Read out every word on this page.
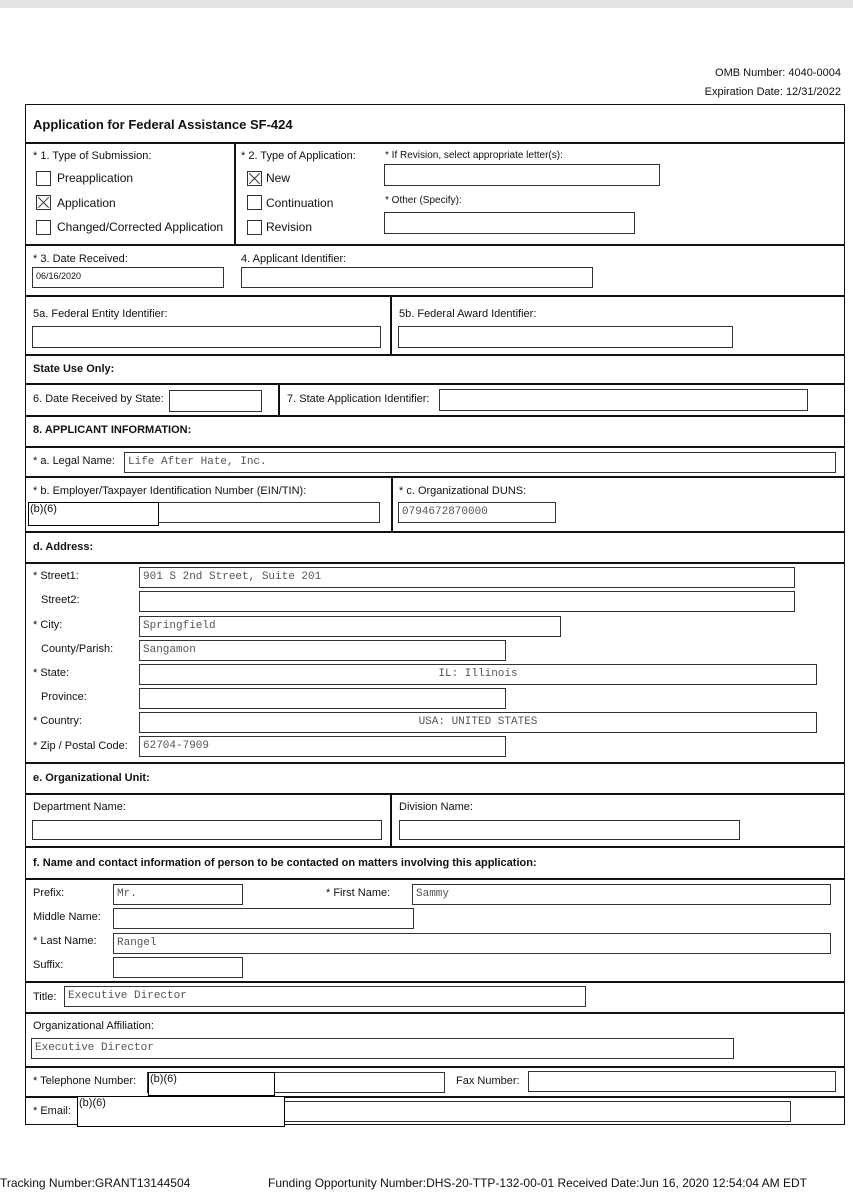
OMB Number: 4040-0004
Expiration Date: 12/31/2022
Application for Federal Assistance SF-424
* 1. Type of Submission:
Preapplication
Application
Changed/Corrected Application
* 2. Type of Application:
New
Continuation
Revision
* If Revision, select appropriate letter(s):
* Other (Specify):
* 3. Date Received:
06/16/2020
4. Applicant Identifier:
5a. Federal Entity Identifier:	5b. Federal Award Identifier:
State Use Only:
6. Date Received by State:	7. State Application Identifier:
8. APPLICANT INFORMATION:
* a. Legal Name:	Life After Hate, Inc.
* b. Employer/Taxpayer Identification Number (EIN/TIN):
(b)(6)
* c. Organizational DUNS:
0794672870000
d. Address:
* Street1:	901 S 2nd Street, Suite 201
Street2:
* City:	Springfield
County/Parish:	Sangamon
* State:	IL: Illinois
Province:
* Country:	USA: UNITED STATES
* Zip / Postal Code:	62704-7909
e. Organizational Unit:
Department Name:	Division Name:
f. Name and contact information of person to be contacted on matters involving this application:
Prefix:	Mr.	* First Name:	Sammy
Middle Name:
* Last Name:	Rangel
Suffix:
Title:	Executive Director
Organizational Affiliation:
Executive Director
* Telephone Number: (b)(6)	Fax Number:
* Email:
(b)(6)
Tracking Number:GRANT13144504	Funding Opportunity Number:DHS-20-TTP-132-00-01 Received Date:Jun 16, 2020 12:54:04 AM EDT
